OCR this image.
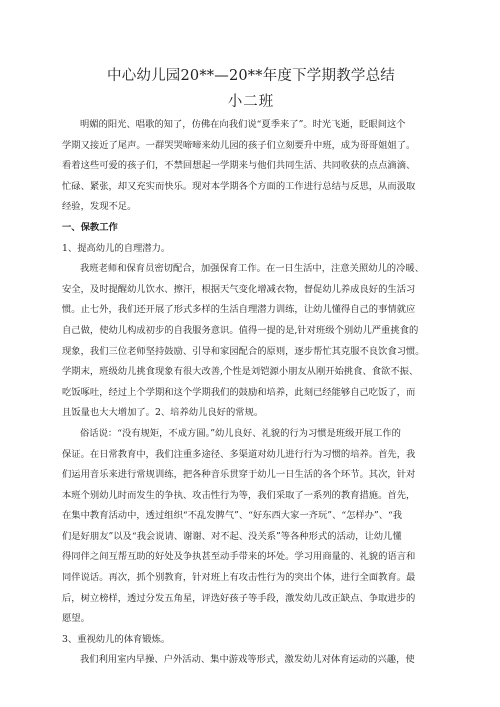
中心幼儿园20**—20**年度下学期教学总结
小二班
明媚的阳光、唱歌的知了，仿佛在向我们说“夏季来了”。时光飞逝，眨眼间这个
学期又接近了尾声。一群哭哭啼啼来幼儿园的孩子们立刻要升中班，成为哥哥姐姐了。
看着这些可爱的孩子们，不禁回想起一学期来与他们共同生活、共同收获的点点滴滴、
忙碌、紧张，却又充实而快乐。现对本学期各个方面的工作进行总结与反思，从而汲取
经验，发现不足。
一、保教工作
1、提高幼儿的自理潜力。
我班老师和保育员密切配合，加强保育工作。在一日生活中，注意关照幼儿的冷暖、
安全，及时提醒幼儿饮水、擦汗，根据天气变化增减衣物，督促幼儿养成良好的生活习
惯。止七外，我们还开展了形式多样的生活自理潜力训练，让幼儿懂得自己的事情就应
自己做，使幼儿构成初步的自我服务意识。值得一提的是,针对班级个别幼儿严重挑食的
现象，我们三位老师坚持鼓励、引导和家园配合的原则，逐步帮忙其克服不良饮食习惯。
学期末，班级幼儿挑食现象有很大改善,个性是刘铠源小朋友从刚开始挑食、食欲不振、
吃饭啄吐，经过上个学期和这个学期我们的鼓励和培养，此刻已经能够自己吃饭了，而
且饭量也大大增加了。2、培养幼儿良好的常规。
俗话说：“没有规矩，不成方圆。”幼儿良好、礼貌的行为习惯是班级开展工作的
保证。在日常教育中，我们注重多途径、多渠道对幼儿进行行为习惯的培养。首先，我
们运用音乐来进行常规训练，把各种音乐贯穿于幼儿一日生活的各个环节。其次，针对
本班个别幼儿时而发生的争执、攻击性行为等，我们采取了一系列的教育措施。首先，
在集中教育活动中，透过组织“不乱发脾气”、“好东西大家一齐玩”、“怎样办”、“我
们是好朋友”以及“我会说请、谢谢、对不起、没关系”等各种形式的活动，让幼儿懂
得同伴之间互帮互助的好处及争执甚至动手带来的坏处。学习用商量的、礼貌的语言和
同伴说话。再次，抓个别教育，针对班上有攻击性行为的突出个体，进行全面教育。最
后，树立榜样，透过分发五角星，评选好孩子等手段，激发幼儿改正缺点、争取进步的
愿望。
3、重视幼儿的体育锻炼。
我们利用室内早操、户外活动、集中游戏等形式，激发幼儿对体育运动的兴趣，使
